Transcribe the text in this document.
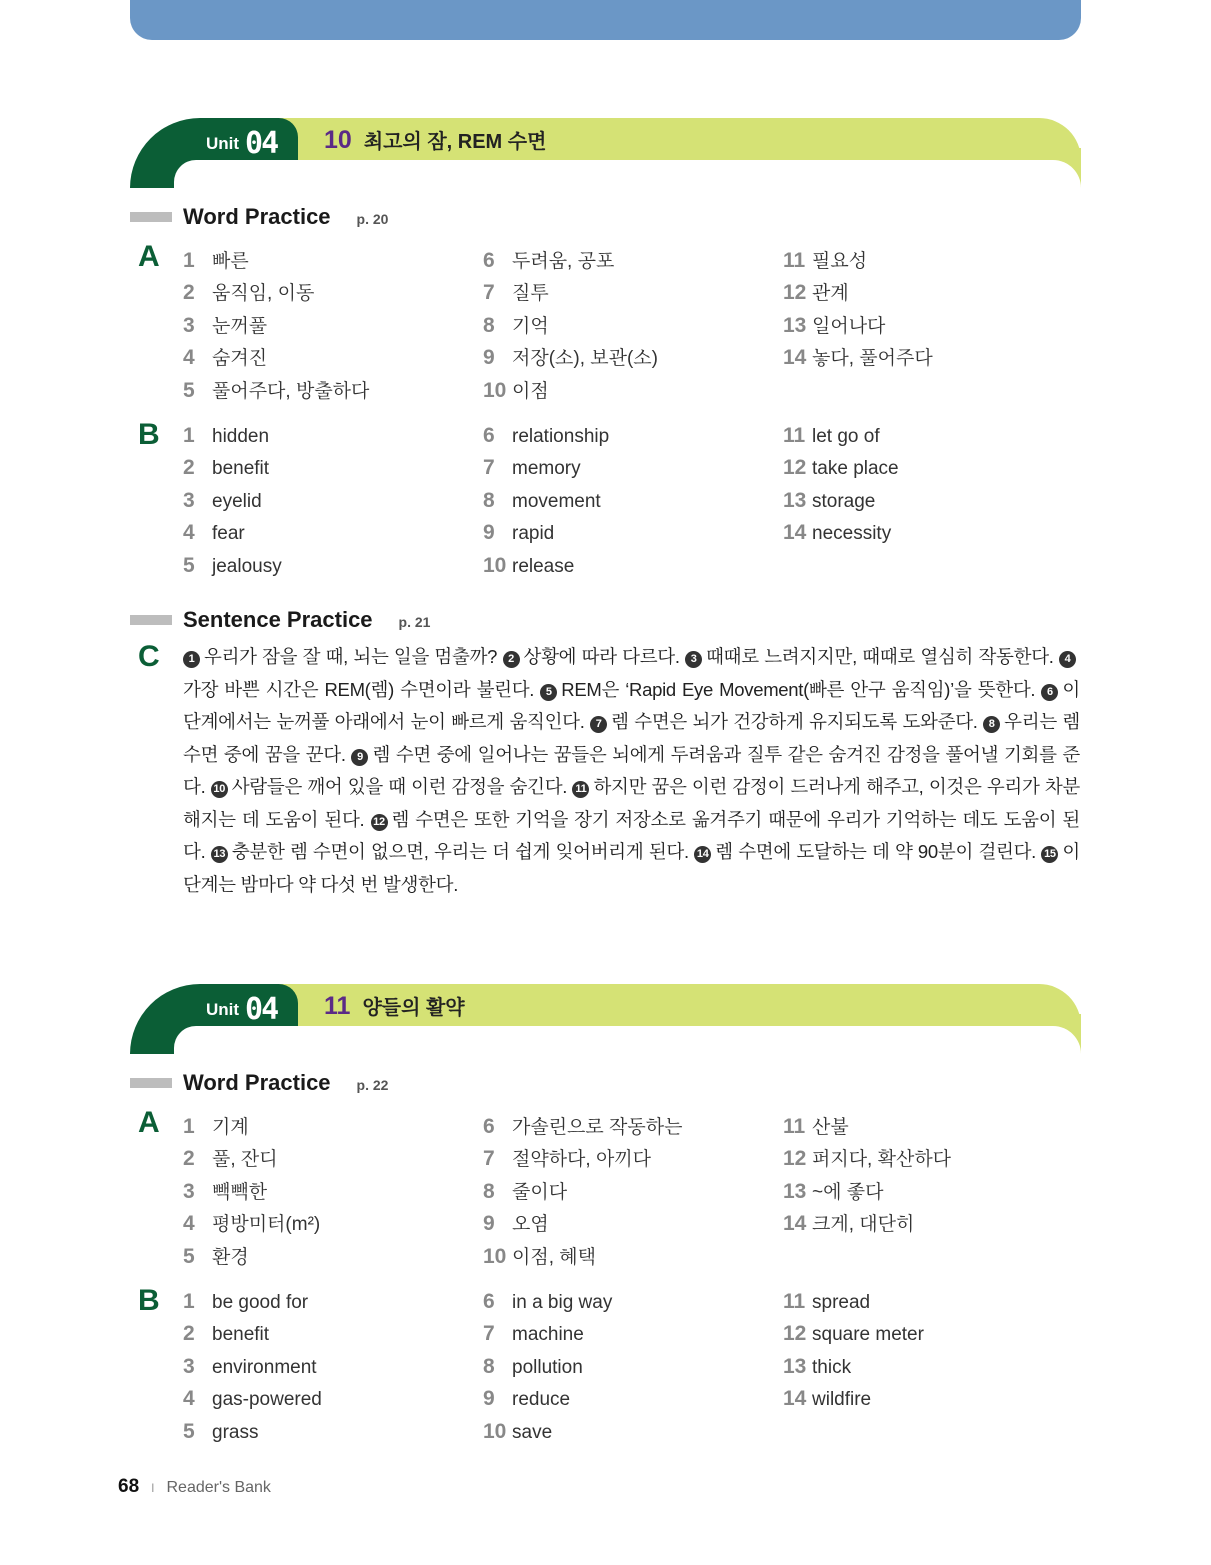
Unit 04 10 최고의 잠, REM 수면
Word Practice p. 20
A 1 빠른
2 움직임, 이동
3 눈꺼풀
4 숨겨진
5 풀어주다, 방출하다
6 두려움, 공포
7 질투
8 기억
9 저장(소), 보관(소)
10 이점
11 필요성
12 관계
13 일어나다
14 놓다, 풀어주다
B 1 hidden
2 benefit
3 eyelid
4 fear
5 jealousy
6 relationship
7 memory
8 movement
9 rapid
10 release
11 let go of
12 take place
13 storage
14 necessity
Sentence Practice p. 21
C	1 우리가 잠을 잘 때, 뇌는 일을 멈출까? 2 상황에 따라 다르다. 3 때때로 느려지지만, 때때로 열심히 작동한다. 4가장 바쁜 시간은 REM(렘) 수면이라 불린다. 5 REM은 ‘Rapid Eye Movement(빠른 안구 움직임)’을 뜻한다. 6 이 단계에서는 눈꺼풀 아래에서 눈이 빠르게 움직인다. 7 렘 수면은 뇌가 건강하게 유지되도록 도와준다. 8 우리는 렘 수면 중에 꿈을 꾼다. 9 렘 수면 중에 일어나는 꿈들은 뇌에게 두려움과 질투 같은 숨겨진 감정을 풀어낼 기회를 준다. 10 사람들은 깨어 있을 때 이런 감정을 숨긴다. 11 하지만 꿈은 이런 감정이 드러나게 해주고, 이것은 우리가 차분해지는 데 도움이 된다. 12 렘 수면은 또한 기억을 장기 저장소로 옮겨주기 때문에 우리가 기억하는 데도 도움이 된다. 13 충분한 렘 수면이 없으면, 우리는 더 쉽게 잊어버리게 된다. 14 렘 수면에 도달하는 데 약 90분이 걸린다. 15 이 단계는 밤마다 약 다섯 번 발생한다.
Unit 04 11 양들의 활약
Word Practice p. 22
A 1 기계
2 풀, 잔디
3 빽빽한
4 평방미터(m²)
5 환경
6 가솔린으로 작동하는
7 절약하다, 아끼다
8 줄이다
9 오염
10 이점, 혜택
11 산불
12 퍼지다, 확산하다
13 ~에 좋다
14 크게, 대단히
B 1 be good for
2 benefit
3 environment
4 gas-powered
5 grass
6 in a big way
7 machine
8 pollution
9 reduce
10 save
11 spread
12 square meter
13 thick
14 wildfire
68 I Reader's Bank
